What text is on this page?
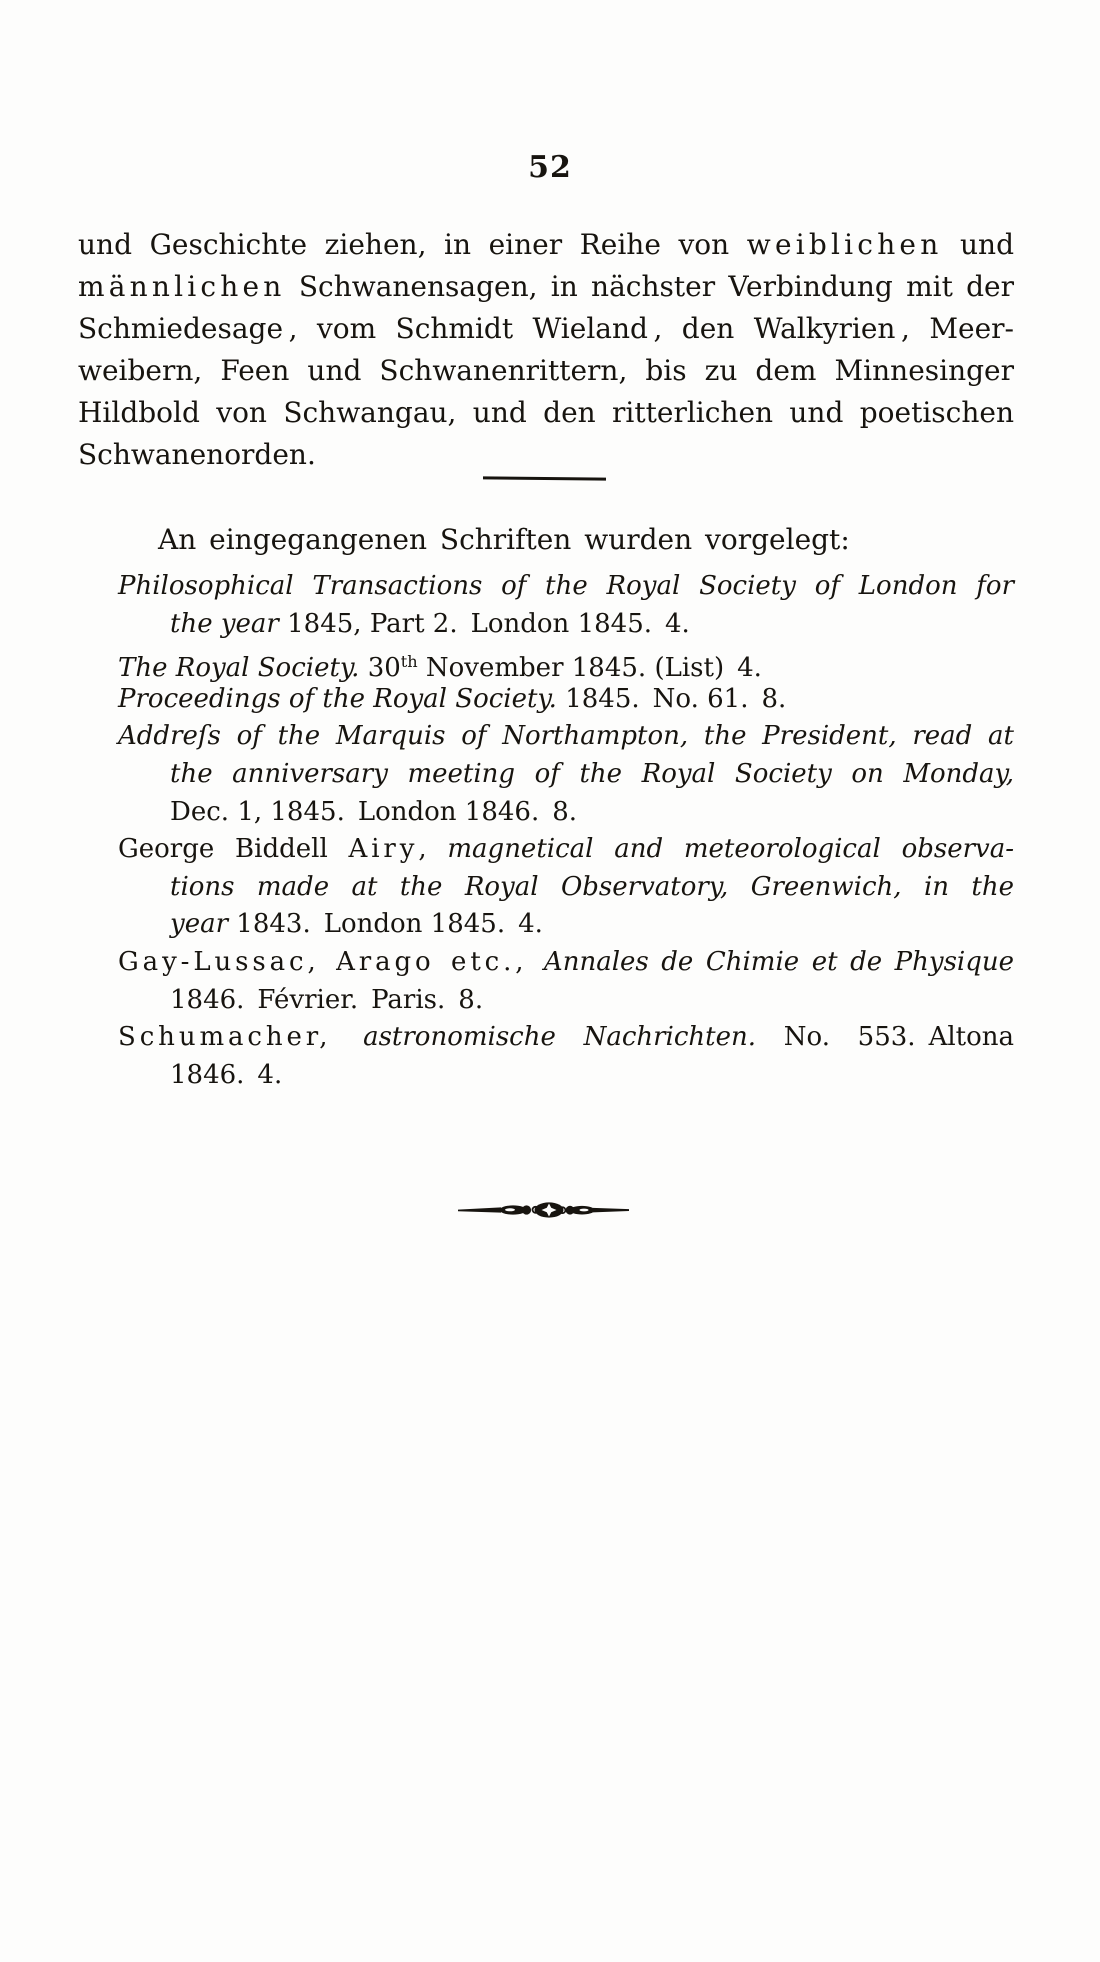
52
und Geschichte ziehen, in einer Reihe von weiblichen und
männlichen Schwanensagen, in nächster Verbindung mit der
Schmiedesage , vom Schmidt Wieland , den Walkyrien , Meer-
weibern, Feen und Schwanenrittern, bis zu dem Minnesinger
Hildbold von Schwangau, und den ritterlichen und poetischen
Schwanenorden.
An eingegangenen Schriften wurden vorgelegt:
Philosophical Transactions of the Royal Society of London for
the year 1845, Part 2. London 1845. 4.
The Royal Society. 30th November 1845. (List) 4.
Proceedings of the Royal Society. 1845. No. 61. 8.
Addreſs of the Marquis of Northampton, the President, read at
the anniversary meeting of the Royal Society on Monday,
Dec. 1, 1845. London 1846. 8.
George Biddell Airy, magnetical and meteorological observa-
tions made at the Royal Observatory, Greenwich, in the
year 1843. London 1845. 4.
Gay-Lussac, Arago etc., Annales de Chimie et de Physique
1846. Février. Paris. 8.
Schumacher, astronomische Nachrichten. No. 553. Altona
1846. 4.
